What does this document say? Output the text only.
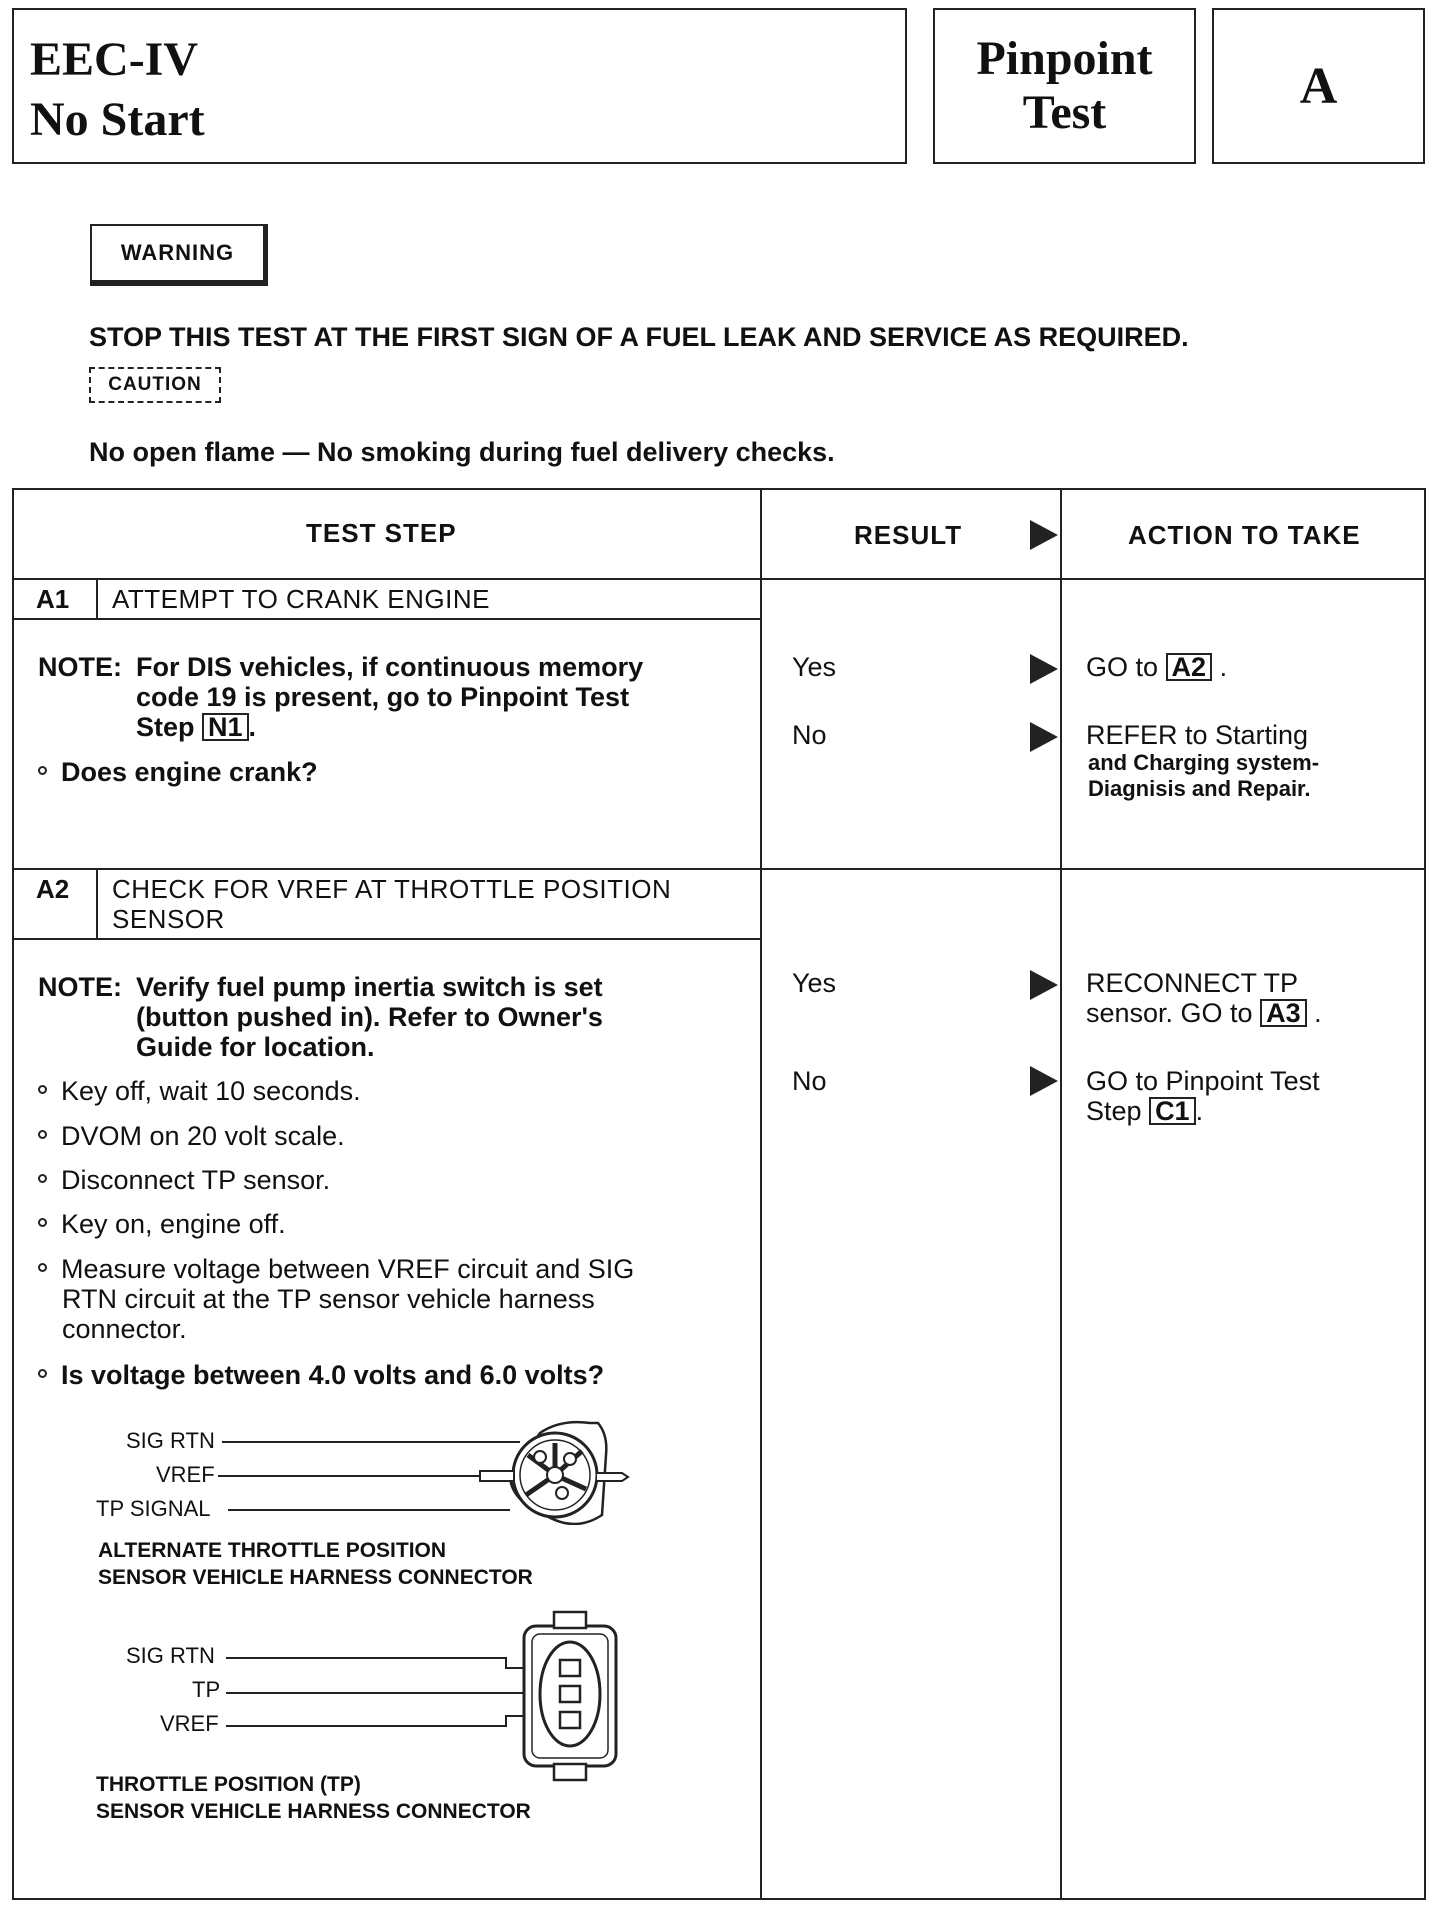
EEC-IV
No Start
Pinpoint
Test	A
WARNING
STOP THIS TEST AT THE FIRST SIGN OF A FUEL LEAK AND SERVICE AS REQUIRED.
CAUTION
No open flame — No smoking during fuel delivery checks.
TEST STEP	RESULT	ACTION TO TAKE
A1 ATTEMPT TO CRANK ENGINE
NOTE: For DIS vehicles, if continuous memory
code 19 is present, go to Pinpoint Test
Step N1 .
Does engine crank?
Yes	GO to A2 .
No	REFER to Starting
and Charging system-
Diagnisis and Repair.
A2 CHECK FOR VREF AT THROTTLE POSITION
SENSOR
NOTE: Verify fuel pump inertia switch is set
(button pushed in). Refer to Owner's
Guide for location.
Key off, wait 10 seconds.
DVOM on 20 volt scale.
Disconnect TP sensor.
Key on, engine off.
Measure voltage between VREF circuit and SIG
RTN circuit at the TP sensor vehicle harness
connector.
Is voltage between 4.0 volts and 6.0 volts?
Yes	RECONNECT TP
sensor. GO to A3 .
No	GO to Pinpoint Test
Step C1 .
SIG RTN
VREF
TP SIGNAL
ALTERNATE THROTTLE POSITION
SENSOR VEHICLE HARNESS CONNECTOR
SIG RTN
TP
VREF
THROTTLE POSITION (TP)
SENSOR VEHICLE HARNESS CONNECTOR
